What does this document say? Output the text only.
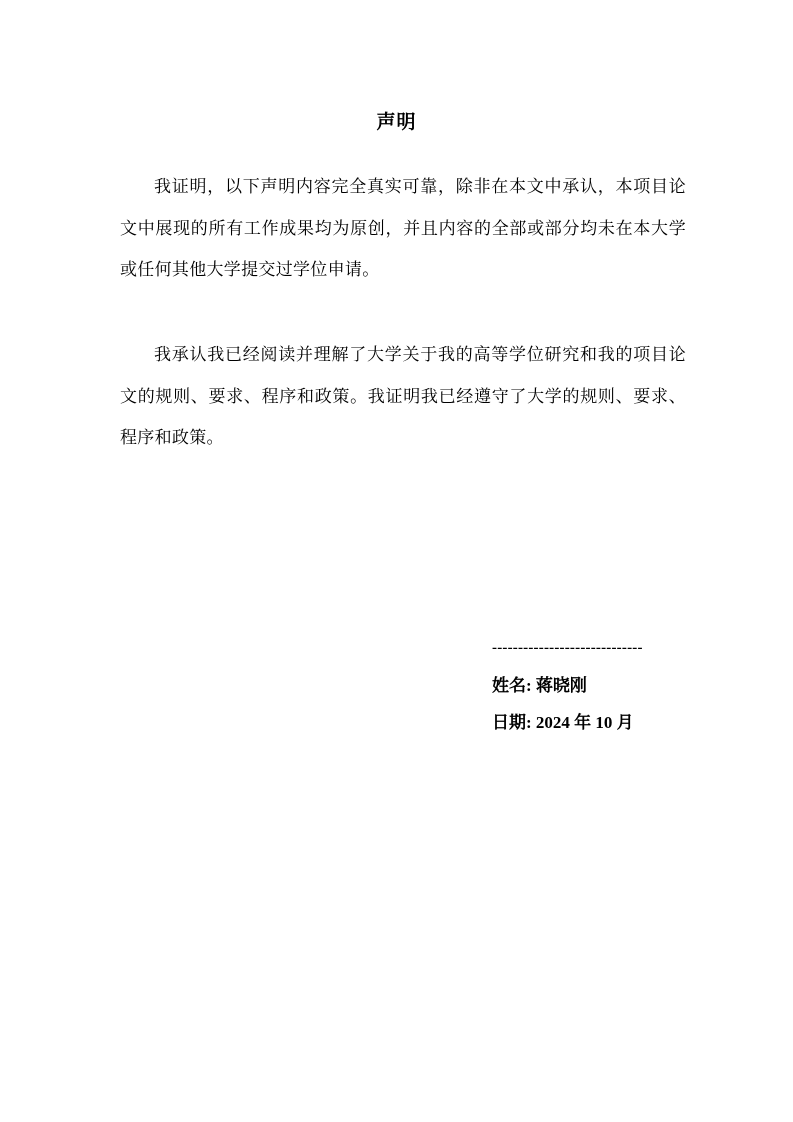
声明

我证明，以下声明内容完全真实可靠，除非在本文中承认，本项目论文中展现的所有工作成果均为原创，并且内容的全部或部分均未在本大学或任何其他大学提交过学位申请。

我承认我已经阅读并理解了大学关于我的高等学位研究和我的项目论文的规则、要求、程序和政策。我证明我已经遵守了大学的规则、要求、程序和政策。

-----------------------------
姓名: 蒋晓刚
日期: 2024 年 10 月
